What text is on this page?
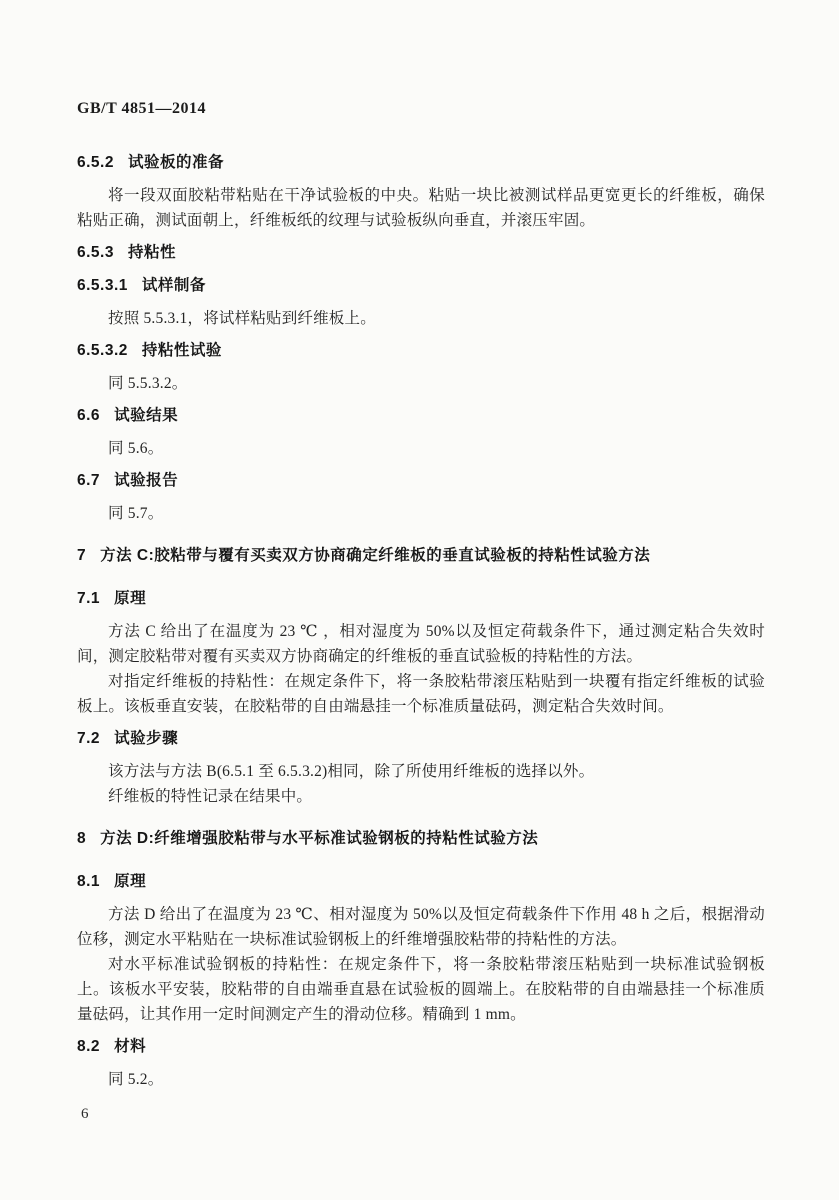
GB/T 4851—2014
6.5.2 试验板的准备

将一段双面胶粘带粘贴在干净试验板的中央。粘贴一块比被测试样品更宽更长的纤维板，确保粘贴正确，测试面朝上，纤维板纸的纹理与试验板纵向垂直，并滚压牢固。

6.5.3 持粘性
6.5.3.1 试样制备

按照 5.5.3.1，将试样粘贴到纤维板上。

6.5.3.2 持粘性试验

同 5.5.3.2。

6.6 试验结果

同 5.6。

6.7 试验报告

同 5.7。

7 方法 C:胶粘带与覆有买卖双方协商确定纤维板的垂直试验板的持粘性试验方法
7.1 原理

方法 C 给出了在温度为 23 ℃ ，相对湿度为 50%以及恒定荷载条件下，通过测定粘合失效时间，测定胶粘带对覆有买卖双方协商确定的纤维板的垂直试验板的持粘性的方法。

对指定纤维板的持粘性：在规定条件下，将一条胶粘带滚压粘贴到一块覆有指定纤维板的试验板上。该板垂直安装，在胶粘带的自由端悬挂一个标准质量砝码，测定粘合失效时间。

7.2 试验步骤

该方法与方法 B(6.5.1 至 6.5.3.2)相同，除了所使用纤维板的选择以外。

纤维板的特性记录在结果中。

8 方法 D:纤维增强胶粘带与水平标准试验钢板的持粘性试验方法
8.1 原理

方法 D 给出了在温度为 23 ℃、相对湿度为 50%以及恒定荷载条件下作用 48 h 之后，根据滑动位移，测定水平粘贴在一块标准试验钢板上的纤维增强胶粘带的持粘性的方法。

对水平标准试验钢板的持粘性：在规定条件下，将一条胶粘带滚压粘贴到一块标准试验钢板上。该板水平安装，胶粘带的自由端垂直悬在试验板的圆端上。在胶粘带的自由端悬挂一个标准质量砝码，让其作用一定时间测定产生的滑动位移。精确到 1 mm。

8.2 材料

同 5.2。

6
